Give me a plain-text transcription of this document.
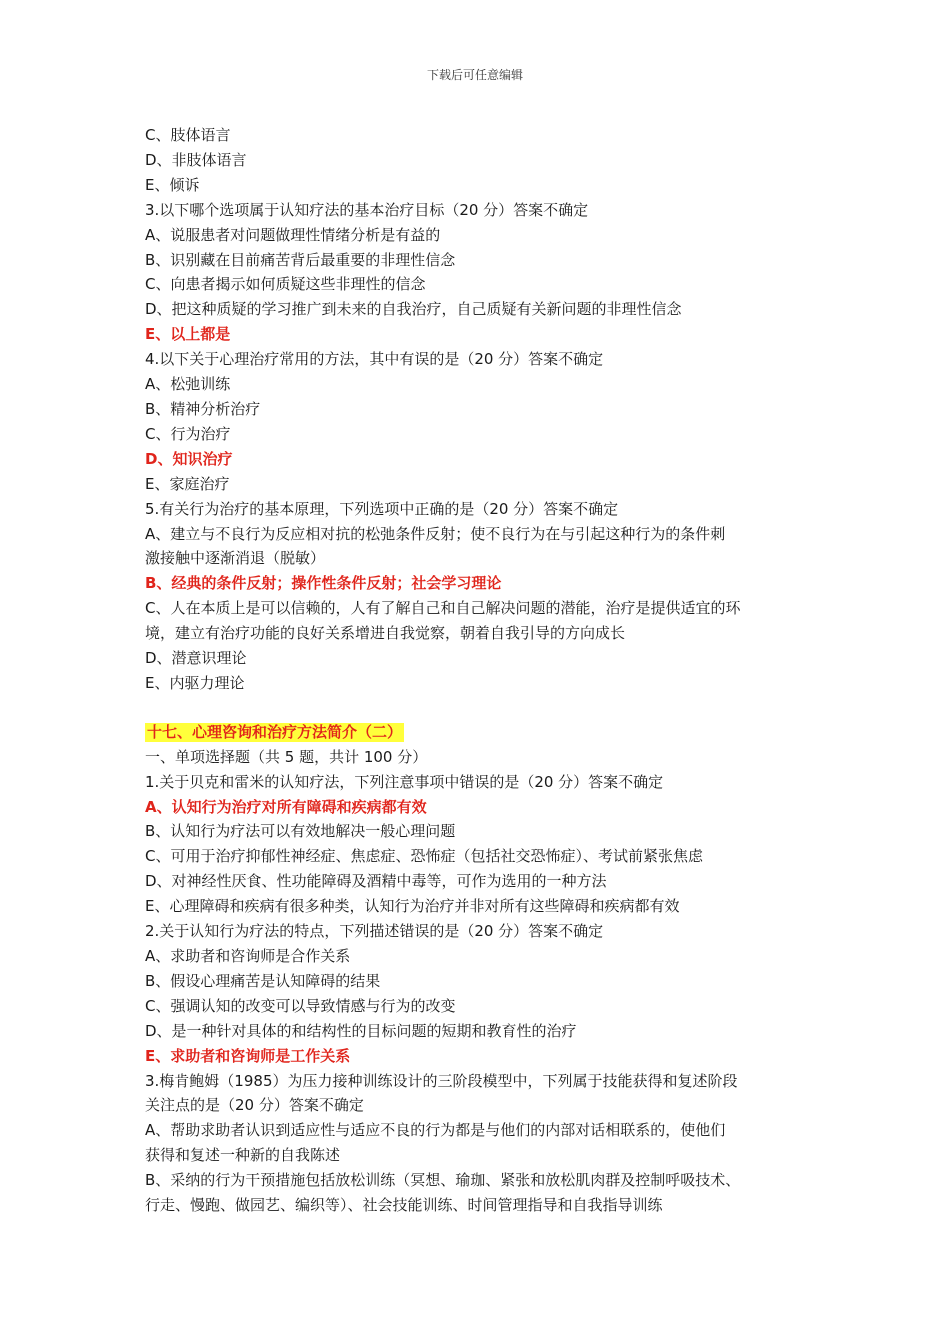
下载后可任意编辑
C、肢体语言
D、非肢体语言
E、倾诉
3.以下哪个选项属于认知疗法的基本治疗目标（20 分）答案不确定
A、说服患者对问题做理性情绪分析是有益的
B、识别藏在目前痛苦背后最重要的非理性信念
C、向患者揭示如何质疑这些非理性的信念
D、把这种质疑的学习推广到未来的自我治疗，自己质疑有关新问题的非理性信念
E、以上都是
4.以下关于心理治疗常用的方法，其中有误的是（20 分）答案不确定
A、松弛训练
B、精神分析治疗
C、行为治疗
D、知识治疗
E、家庭治疗
5.有关行为治疗的基本原理，下列选项中正确的是（20 分）答案不确定
A、建立与不良行为反应相对抗的松弛条件反射；使不良行为在与引起这种行为的条件刺
激接触中逐渐消退（脱敏）
B、经典的条件反射；操作性条件反射；社会学习理论
C、人在本质上是可以信赖的，人有了解自己和自己解决问题的潜能，治疗是提供适宜的环
境，建立有治疗功能的良好关系增进自我觉察，朝着自我引导的方向成长
D、潜意识理论
E、内驱力理论
十七、心理咨询和治疗方法简介（二）
一、单项选择题（共 5 题，共计 100 分）
1.关于贝克和雷米的认知疗法，下列注意事项中错误的是（20 分）答案不确定
A、认知行为治疗对所有障碍和疾病都有效
B、认知行为疗法可以有效地解决一般心理问题
C、可用于治疗抑郁性神经症、焦虑症、恐怖症（包括社交恐怖症）、考试前紧张焦虑
D、对神经性厌食、性功能障碍及酒精中毒等，可作为选用的一种方法
E、心理障碍和疾病有很多种类，认知行为治疗并非对所有这些障碍和疾病都有效
2.关于认知行为疗法的特点，下列描述错误的是（20 分）答案不确定
A、求助者和咨询师是合作关系
B、假设心理痛苦是认知障碍的结果
C、强调认知的改变可以导致情感与行为的改变
D、是一种针对具体的和结构性的目标问题的短期和教育性的治疗
E、求助者和咨询师是工作关系
3.梅肯鲍姆（1985）为压力接种训练设计的三阶段模型中，下列属于技能获得和复述阶段
关注点的是（20 分）答案不确定
A、帮助求助者认识到适应性与适应不良的行为都是与他们的内部对话相联系的，使他们
获得和复述一种新的自我陈述
B、采纳的行为干预措施包括放松训练（冥想、瑜珈、紧张和放松肌肉群及控制呼吸技术、
行走、慢跑、做园艺、编织等）、社会技能训练、时间管理指导和自我指导训练
